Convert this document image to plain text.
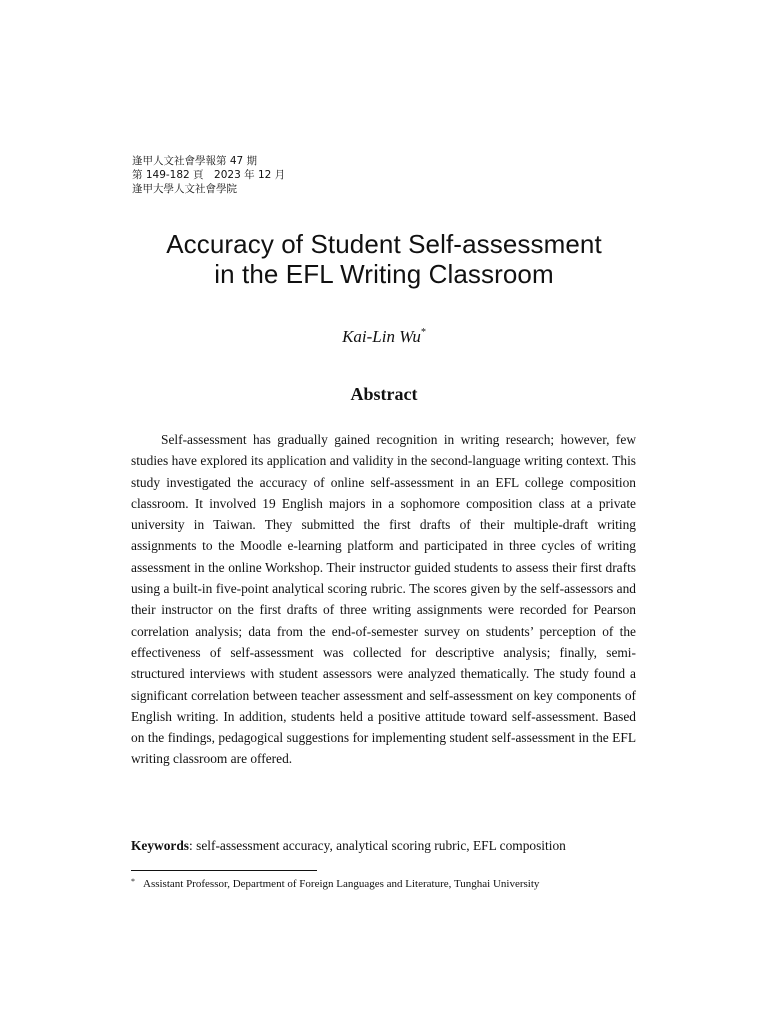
逢甲人文社會學報第 47 期
第 149-182 頁　2023 年 12 月
逢甲大學人文社會學院
Accuracy of Student Self-assessment
in the EFL Writing Classroom
Kai-Lin Wu*
Abstract

Self-assessment has gradually gained recognition in writing research; however, few studies have explored its application and validity in the second-language writing context. This study investigated the accuracy of online self-assessment in an EFL college composition classroom. It involved 19 English majors in a sophomore composition class at a private university in Taiwan. They submitted the first drafts of their multiple-draft writing assignments to the Moodle e-learning platform and participated in three cycles of writing assessment in the online Workshop. Their instructor guided students to assess their first drafts using a built-in five-point analytical scoring rubric. The scores given by the self-assessors and their instructor on the first drafts of three writing assignments were recorded for Pearson correlation analysis; data from the end-of-semester survey on students’ perception of the effectiveness of self-assessment was collected for descriptive analysis; finally, semi-structured interviews with student assessors were analyzed thematically. The study found a significant correlation between teacher assessment and self-assessment on key components of English writing. In addition, students held a positive attitude toward self-assessment. Based on the findings, pedagogical suggestions for implementing student self-assessment in the EFL writing classroom are offered.

Keywords: self-assessment accuracy, analytical scoring rubric, EFL composition
* Assistant Professor, Department of Foreign Languages and Literature, Tunghai University
